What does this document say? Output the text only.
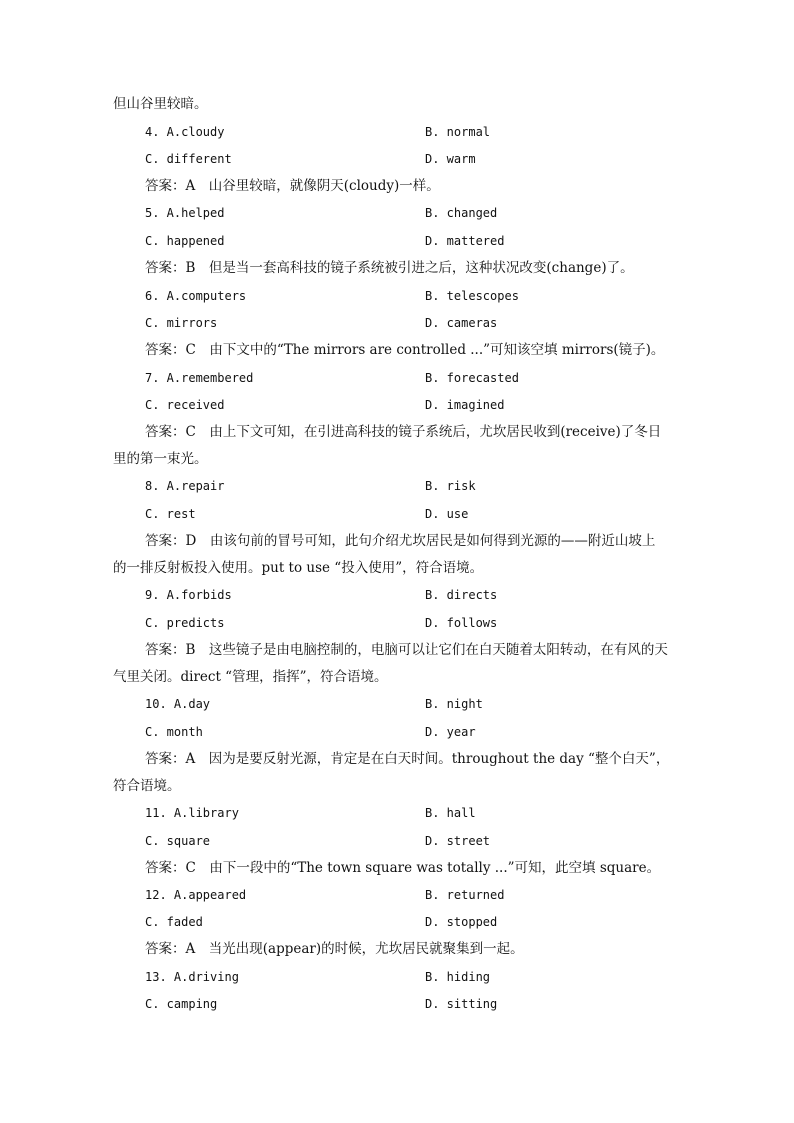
但山谷里较暗。
4. A.cloudy	B. normal
C. different	D. warm
答案：A　山谷里较暗，就像阴天(cloudy)一样。
5. A.helped	B. changed
C. happened	D. mattered
答案：B　但是当一套高科技的镜子系统被引进之后，这种状况改变(change)了。
6. A.computers	B. telescopes
C. mirrors	D. cameras
答案：C　由下文中的“The mirrors are controlled ...”可知该空填 mirrors(镜子)。
7. A.remembered	B. forecasted
C. received	D. imagined
答案：C　由上下文可知，在引进高科技的镜子系统后，尤坎居民收到(receive)了冬日
里的第一束光。
8. A.repair	B. risk
C. rest	D. use
答案：D　由该句前的冒号可知，此句介绍尤坎居民是如何得到光源的——附近山坡上
的一排反射板投入使用。put to use “投入使用”，符合语境。
9. A.forbids	B. directs
C. predicts	D. follows
答案：B　这些镜子是由电脑控制的，电脑可以让它们在白天随着太阳转动，在有风的天
气里关闭。direct “管理，指挥”，符合语境。
10. A.day	B. night
C. month	D. year
答案：A　因为是要反射光源，肯定是在白天时间。throughout the day “整个白天”，
符合语境。
11. A.library	B. hall
C. square	D. street
答案：C　由下一段中的“The town square was totally ...”可知，此空填 square。
12. A.appeared	B. returned
C. faded	D. stopped
答案：A　当光出现(appear)的时候，尤坎居民就聚集到一起。
13. A.driving	B. hiding
C. camping	D. sitting
